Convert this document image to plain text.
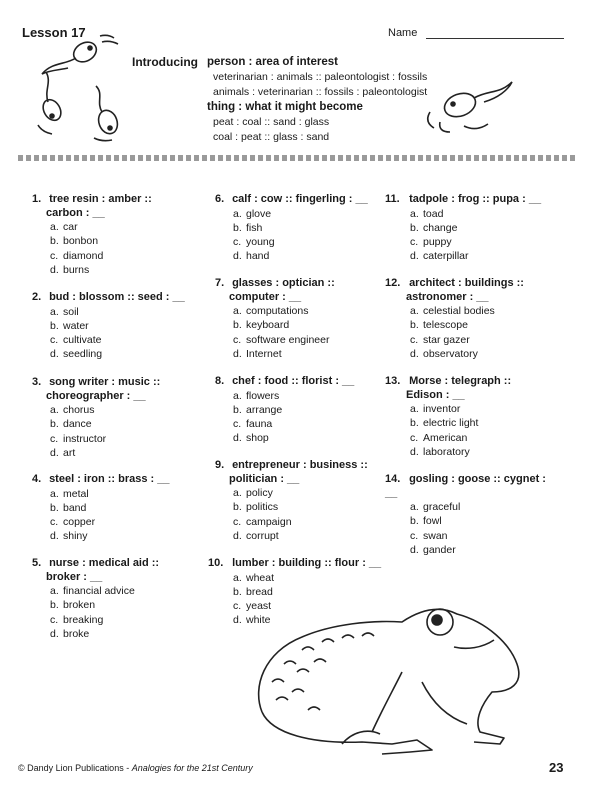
Lesson 17	Name
Introducing person : area of interest
veterinarian : animals :: paleontologist : fossils
animals : veterinarian :: fossils : paleontologist
thing : what it might become
peat : coal :: sand : glass
coal : peat :: glass : sand
1. tree resin : amber ::
carbon : __
a. car
b. bonbon
c. diamond
d. burns
2. bud : blossom :: seed : __
a. soil
b. water
c. cultivate
d. seedling
3. song writer : music ::
choreographer : __
a. chorus
b. dance
c. instructor
d. art
4. steel : iron :: brass : __
a. metal
b. band
c. copper
d. shiny
5. nurse : medical aid ::
broker : __
a. financial advice
b. broken
c. breaking
d. broke
6. calf : cow :: fingerling : __
a. glove
b. fish
c. young
d. hand
7. glasses : optician ::
computer : __
a. computations
b. keyboard
c. software engineer
d. Internet
8. chef : food :: florist : __
a. flowers
b. arrange
c. fauna
d. shop
9. entrepreneur : business ::
politician : __
a. policy
b. politics
c. campaign
d. corrupt
10. lumber : building :: flour : __
a. wheat
b. bread
c. yeast
d. white
11. tadpole : frog :: pupa : __
a. toad
b. change
c. puppy
d. caterpillar
12. architect : buildings ::
astronomer : __
a. celestial bodies
b. telescope
c. star gazer
d. observatory
13. Morse : telegraph ::
Edison : __
a. inventor
b. electric light
c. American
d. laboratory
14. gosling : goose :: cygnet : __
a. graceful
b. fowl
c. swan
d. gander
© Dandy Lion Publications - Analogies for the 21st Century	23
